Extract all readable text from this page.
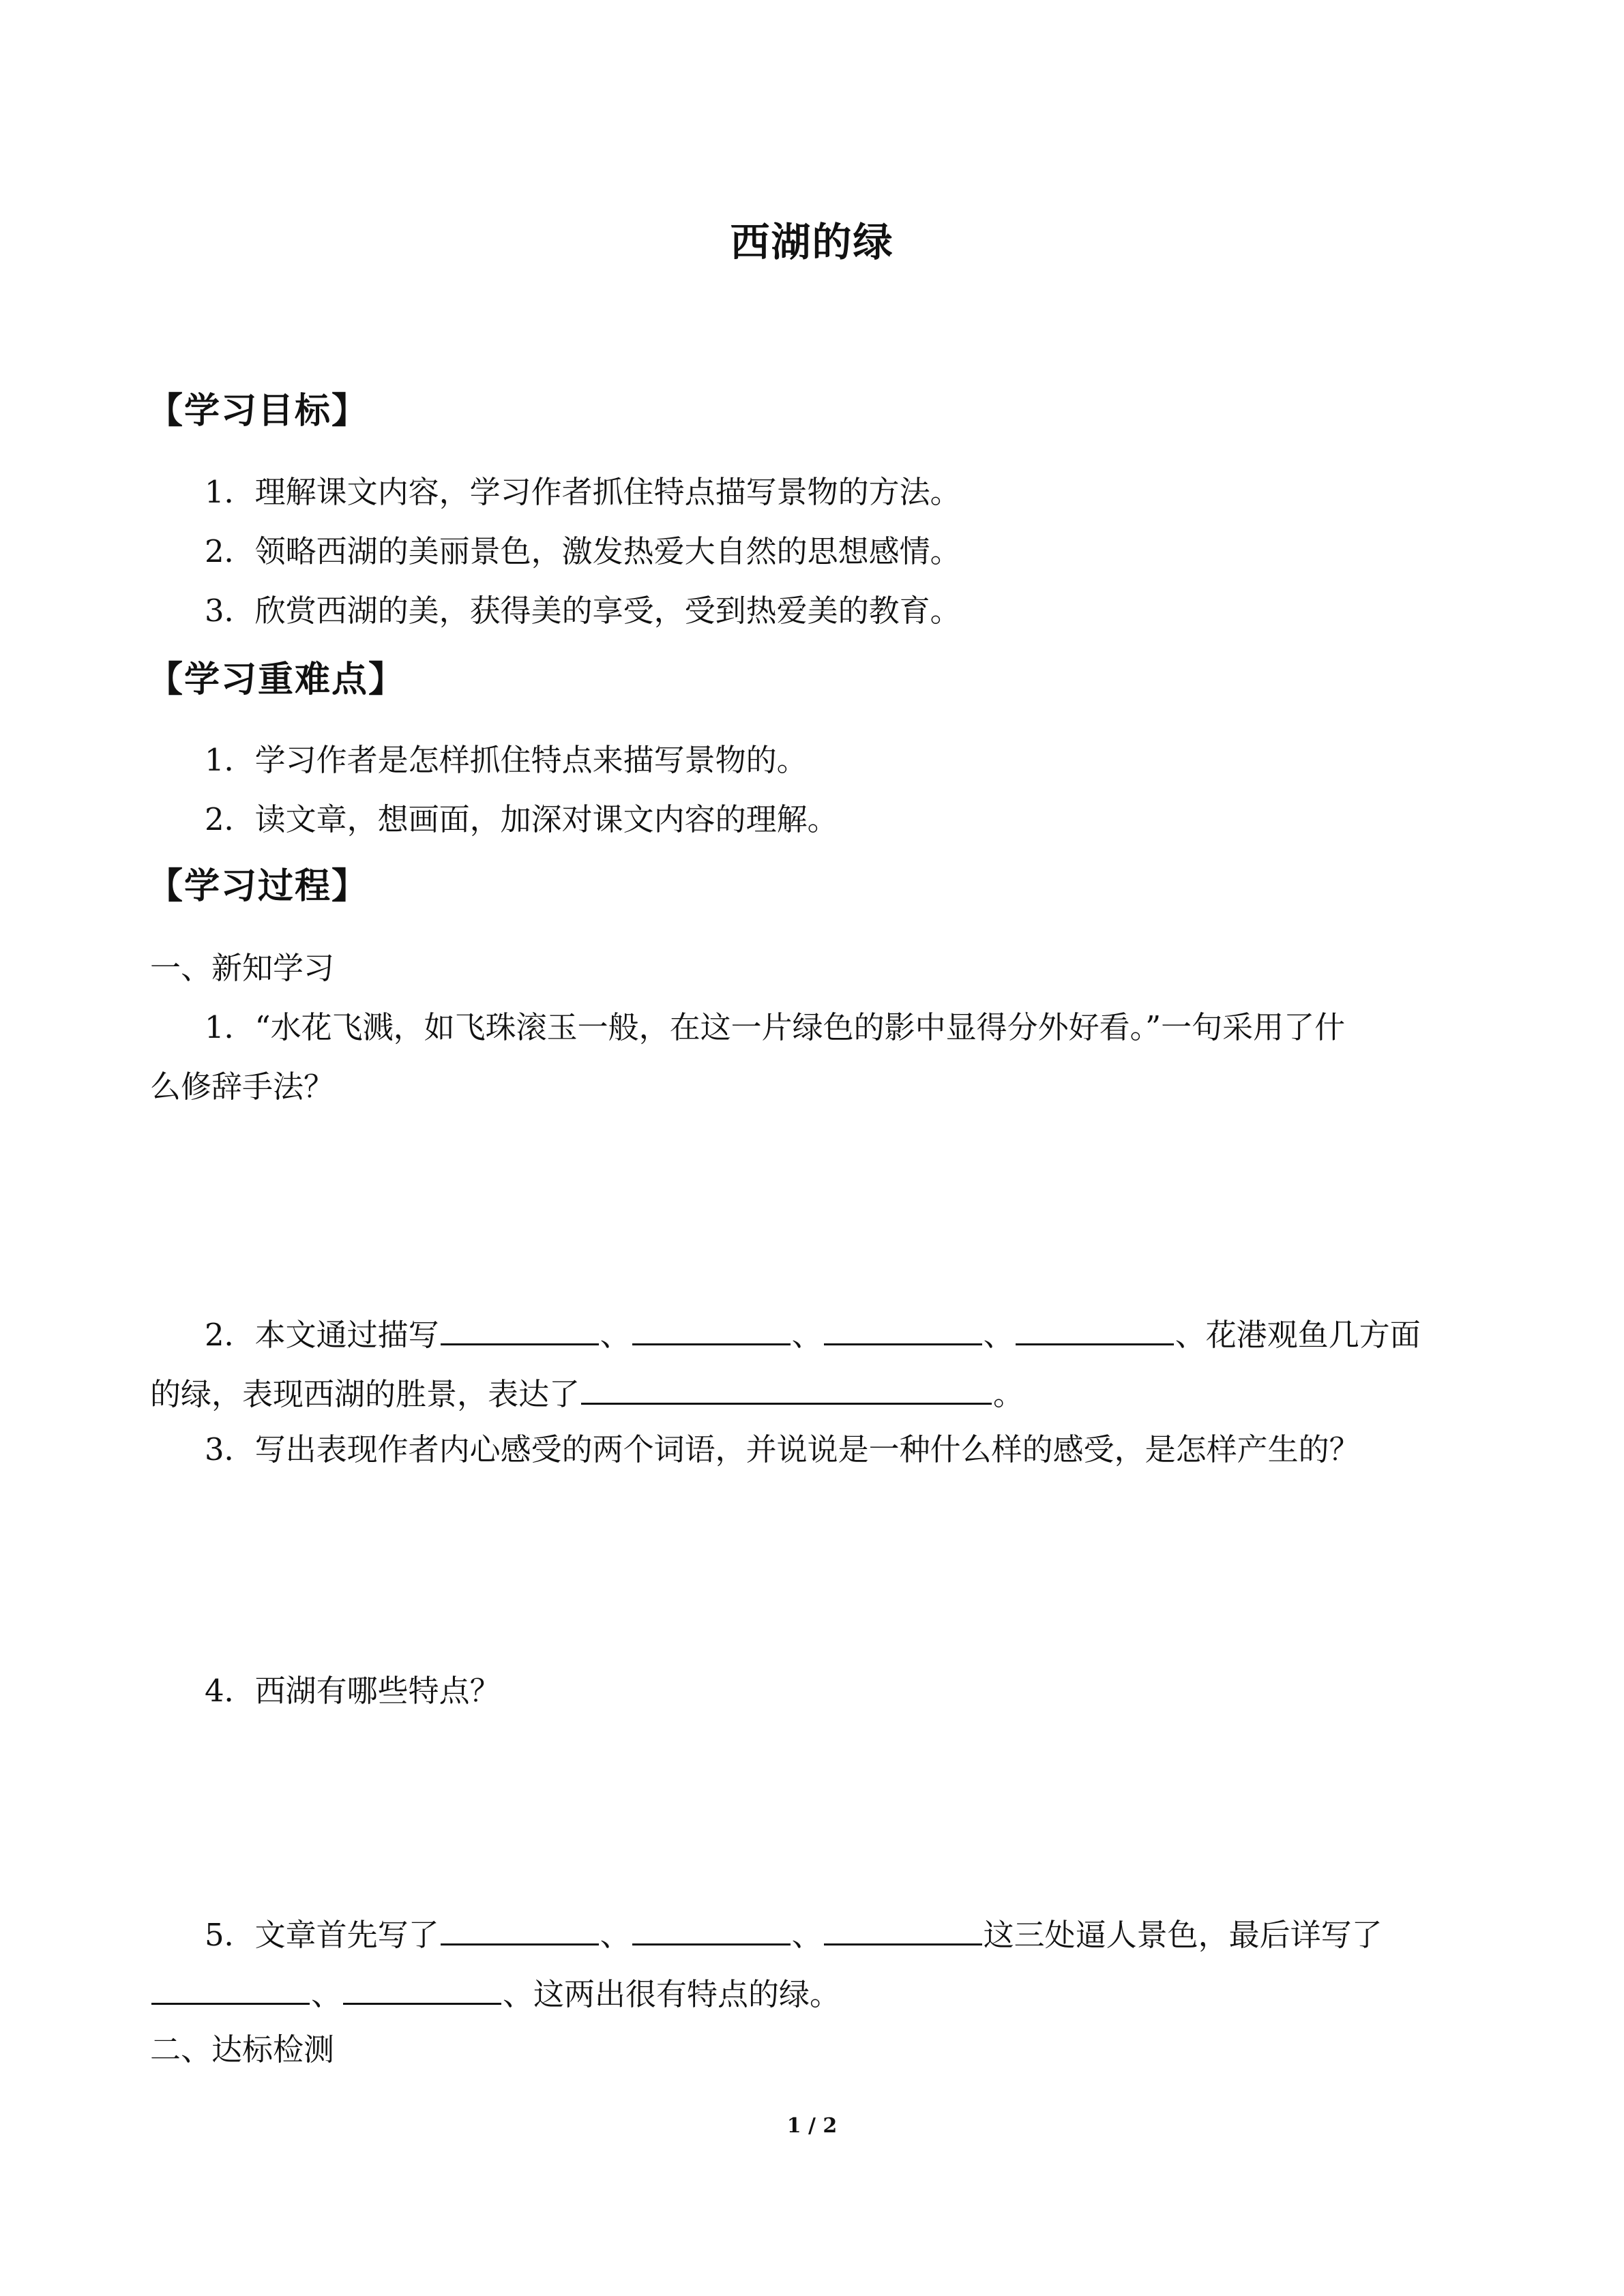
西湖的绿
【学习目标】
1．理解课文内容，学习作者抓住特点描写景物的方法。
2．领略西湖的美丽景色，激发热爱大自然的思想感情。
3．欣赏西湖的美，获得美的享受，受到热爱美的教育。
【学习重难点】
1．学习作者是怎样抓住特点来描写景物的。
2．读文章，想画面，加深对课文内容的理解。
【学习过程】
一、新知学习
1．“水花飞溅，如飞珠滚玉一般，在这一片绿色的影中显得分外好看。”一句采用了什
么修辞手法？
2．本文通过描写	、	、	、	、花港观鱼几方面
的绿，表现西湖的胜景，表达了	。
3．写出表现作者内心感受的两个词语，并说说是一种什么样的感受，是怎样产生的？
4．西湖有哪些特点？
5．文章首先写了	、	、	这三处逼人景色，最后详写了
、	、这两出很有特点的绿。
二、达标检测
1 / 2
